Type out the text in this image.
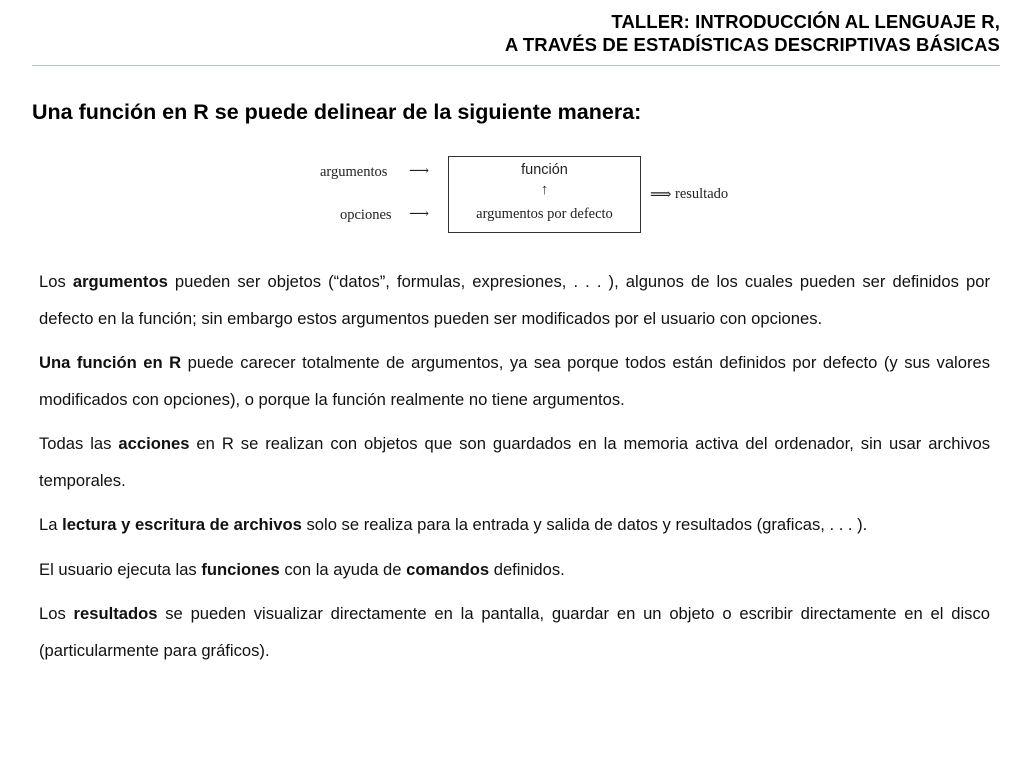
TALLER: INTRODUCCIÓN AL LENGUAJE R,
A TRAVÉS DE ESTADÍSTICAS DESCRIPTIVAS BÁSICAS
Una función en R se puede delinear de la siguiente manera:
argumentos ⟶
opciones ⟶
función
↑
argumentos por defecto
⟹ resultado

Los argumentos pueden ser objetos (“datos”, formulas, expresiones, . . . ), algunos de los cuales pueden ser definidos por defecto en la función; sin embargo estos argumentos pueden ser modificados por el usuario con opciones.

Una función en R puede carecer totalmente de argumentos, ya sea porque todos están definidos por defecto (y sus valores modificados con opciones), o porque la función realmente no tiene argumentos.

Todas las acciones en R se realizan con objetos que son guardados en la memoria activa del ordenador, sin usar archivos temporales.

La lectura y escritura de archivos solo se realiza para la entrada y salida de datos y resultados (graficas, . . . ).

El usuario ejecuta las funciones con la ayuda de comandos definidos.

Los resultados se pueden visualizar directamente en la pantalla, guardar en un objeto o escribir directamente en el disco (particularmente para gráficos).
